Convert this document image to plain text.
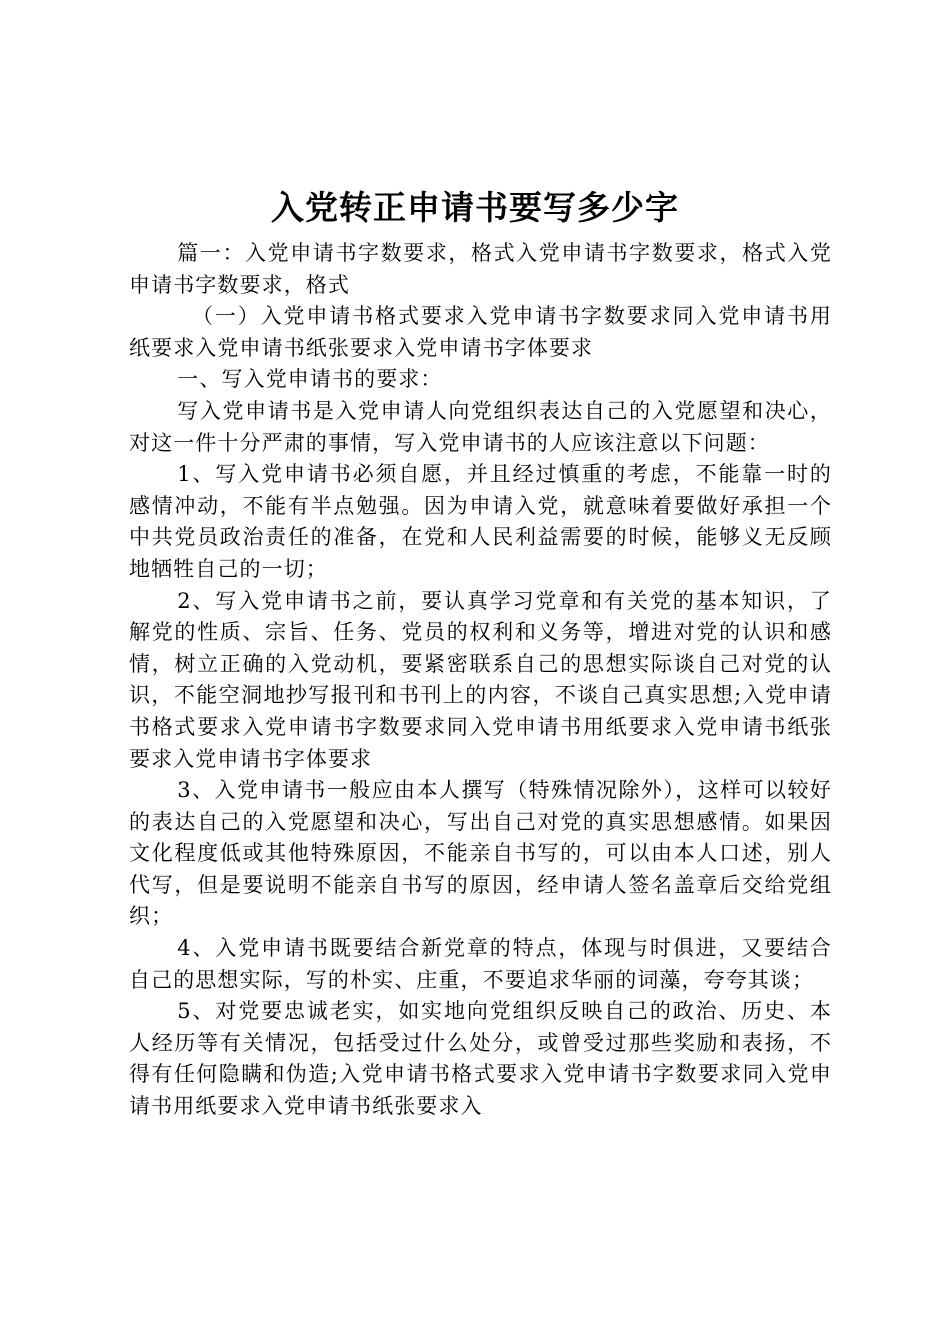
入党转正申请书要写多少字

篇一：入党申请书字数要求，格式入党申请书字数要求，格式入党申请书字数要求，格式

（一）入党申请书格式要求入党申请书字数要求同入党申请书用纸要求入党申请书纸张要求入党申请书字体要求

一、写入党申请书的要求：

写入党申请书是入党申请人向党组织表达自己的入党愿望和决心，对这一件十分严肃的事情，写入党申请书的人应该注意以下问题：

1、写入党申请书必须自愿，并且经过慎重的考虑，不能靠一时的感情冲动，不能有半点勉强。因为申请入党，就意味着要做好承担一个中共党员政治责任的准备，在党和人民利益需要的时候，能够义无反顾地牺牲自己的一切；

2、写入党申请书之前，要认真学习党章和有关党的基本知识，了解党的性质、宗旨、任务、党员的权利和义务等，增进对党的认识和感情，树立正确的入党动机，要紧密联系自己的思想实际谈自己对党的认识，不能空洞地抄写报刊和书刊上的内容，不谈自己真实思想;入党申请书格式要求入党申请书字数要求同入党申请书用纸要求入党申请书纸张要求入党申请书字体要求

3、入党申请书一般应由本人撰写（特殊情况除外），这样可以较好的表达自己的入党愿望和决心，写出自己对党的真实思想感情。如果因文化程度低或其他特殊原因，不能亲自书写的，可以由本人口述，别人代写，但是要说明不能亲自书写的原因，经申请人签名盖章后交给党组织；

4、入党申请书既要结合新党章的特点，体现与时俱进，又要结合自己的思想实际，写的朴实、庄重，不要追求华丽的词藻，夸夸其谈；

5、对党要忠诚老实，如实地向党组织反映自己的政治、历史、本人经历等有关情况，包括受过什么处分，或曾受过那些奖励和表扬，不得有任何隐瞒和伪造;入党申请书格式要求入党申请书字数要求同入党申请书用纸要求入党申请书纸张要求入
